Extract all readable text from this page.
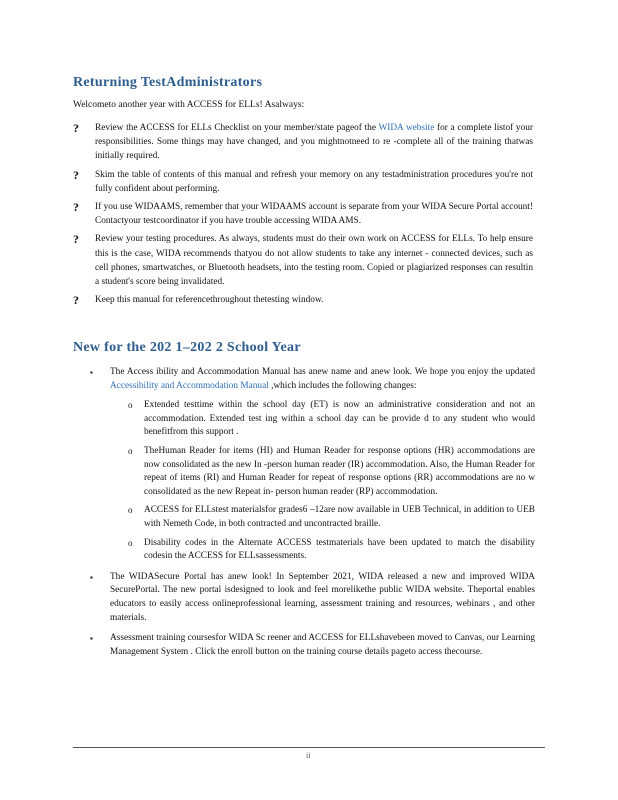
Returning TestAdministrators
Welcometo another year with ACCESS for ELLs! Asalways:
? Review the ACCESS for ELLs Checklist on your member/state pageof the WIDA website for a complete listof your responsibilities. Some things may have changed, and you mightnotneed to re -complete all of the training thatwas initially required.
? Skim the table of contents of this manual and refresh your memory on any testadministration procedures you're not fully confident about performing.
? If you use WIDAAMS, remember that your WIDAAMS account is separate from your WIDA Secure Portal account! Contactyour testcoordinator if you have trouble accessing WIDA AMS.
? Review your testing procedures. As always, students must do their own work on ACCESS for ELLs. To help ensure this is the case, WIDA recommends thatyou do not allow students to take any internet - connected devices, such as cell phones, smartwatches, or Bluetooth headsets, into the testing room. Copied or plagiarized responses can resultin a student's score being invalidated.
? Keep this manual for referencethroughout thetesting window.
New for the 202 1–202 2 School Year
▪ The Access ibility and Accommodation Manual has anew name and anew look. We hope you enjoy the updated Accessibility and Accommodation Manual ,which includes the following changes:
o Extended testtime within the school day (ET) is now an administrative consideration and not an accommodation. Extended test ing within a school day can be provide d to any student who would benefitfrom this support .
o TheHuman Reader for items (HI) and Human Reader for response options (HR) accommodations are now consolidated as the new In -person human reader (IR) accommodation. Also, the Human Reader for repeat of items (RI) and Human Reader for repeat of response options (RR) accommodations are no w consolidated as the new Repeat in- person human reader (RP) accommodation.
o ACCESS for ELLstest materialsfor grades6 –12are now available in UEB Technical, in addition to UEB with Nemeth Code, in both contracted and uncontracted braille.
o Disability codes in the Alternate ACCESS testmaterials have been updated to match the disability codesin the ACCESS for ELLsassessments.
▪ The WIDASecure Portal has anew look! In September 2021, WIDA released a new and improved WIDA SecurePortal. The new portal isdesigned to look and feel morelikethe public WIDA website. Theportal enables educators to easily access onlineprofessional learning, assessment training and resources, webinars , and other materials.
▪ Assessment training coursesfor WIDA Sc reener and ACCESS for ELLshavebeen moved to Canvas, our Learning Management System . Click the enroll button on the training course details pageto access thecourse.
ii
